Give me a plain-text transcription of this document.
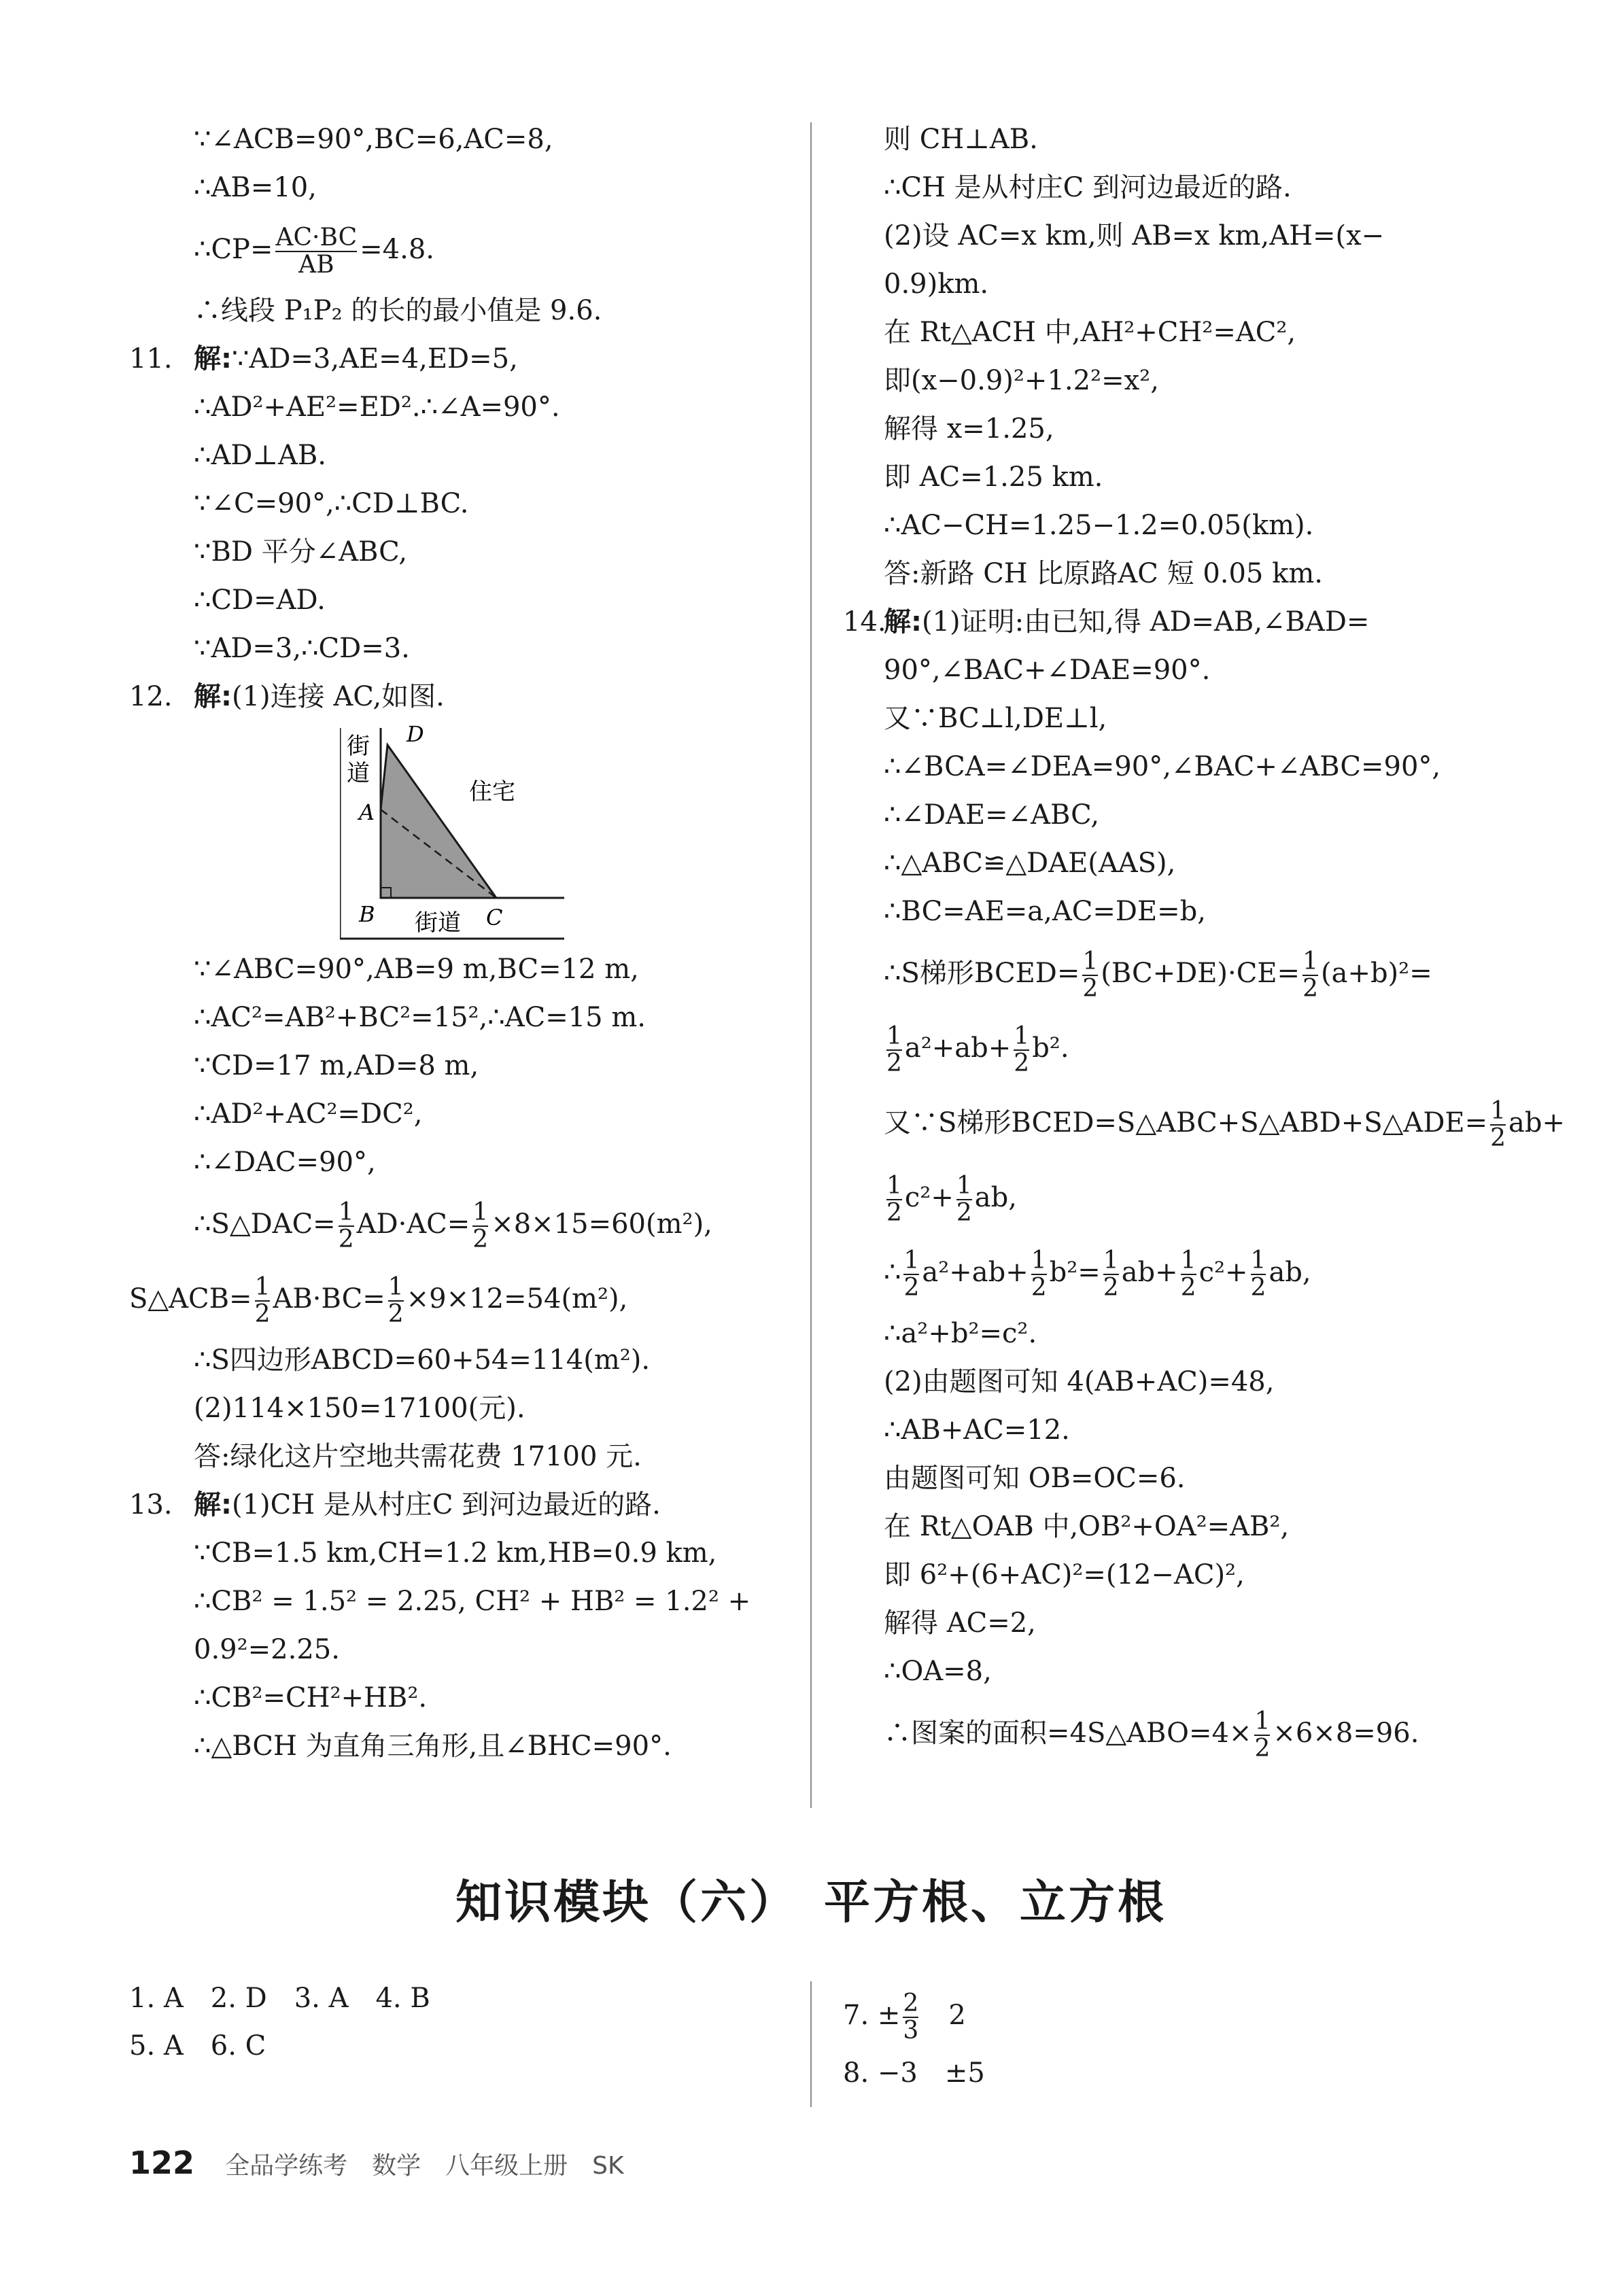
∵∠ACB=90°,BC=6,AC=8,
∴AB=10,
∴CP= $\frac{AC\cdot BC}{AB} =4.8$.
∴线段 P₁P₂ 的长的最小值是 9.6.
11. 解:∵AD=3,AE=4,ED=5,
∴AD²+AE²=ED².∴∠A=90°.
∴AD⊥AB.
∵∠C=90°,∴CD⊥BC.
∵BD 平分∠ABC,
∴CD=AD.
∵AD=3,∴CD=3.
12. 解:(1)连接 AC,如图.
街
道
住宅
街道
A
B	C
D
∵∠ABC=90°,AB=9 m,BC=12 m,
∴AC²=AB²+BC²=15²,∴AC=15 m.
∵CD=17 m,AD=8 m,
∴AD²+AC²=DC²,
∴∠DAC=90°,
∴S△DAC= $\frac{1}{2} AD\cdot AC= \frac{1}{2} \times 8\times 15=60(m^2)$,
S△ACB= $\frac{1}{2} AB\cdot BC= \frac{1}{2} \times 9\times 12=54(m^2)$,
∴S四边形ABCD=60+54=114(m²).
(2)114×150=17100(元).
答:绿化这片空地共需花费 17100 元.
13. 解:(1)CH 是从村庄C 到河边最近的路.
∵CB=1.5 km,CH=1.2 km,HB=0.9 km,
∴CB² = 1.5² = 2.25, CH² + HB² = 1.2² +
0.9²=2.25.
∴CB²=CH²+HB².
∴△BCH 为直角三角形,且∠BHC=90°.
则 CH⊥AB.
∴CH 是从村庄C 到河边最近的路.
(2)设 AC=x km,则 AB=x km,AH=(x−
0.9)km.
在 Rt△ACH 中,AH²+CH²=AC²,
即(x−0.9)²+1.2²=x²,
解得 x=1.25,
即 AC=1.25 km.
∴AC−CH=1.25−1.2=0.05(km).
答:新路 CH 比原路AC 短 0.05 km.
14.解:(1)证明:由已知,得 AD=AB,∠BAD=
90°,∠BAC+∠DAE=90°.
又∵BC⊥l,DE⊥l,
∴∠BCA=∠DEA=90°,∠BAC+∠ABC=90°,
∴∠DAE=∠ABC,
∴△ABC≌△DAE(AAS),
∴BC=AE=a,AC=DE=b,
∴S梯形BCED= $\frac{1}{2} (BC+DE)\cdot CE= \frac{1}{2} (a+b)^2=$
$\frac{1}{2} a^2+ab+ \frac{1}{2} b^2$.
又∵S梯形BCED=S△ABC+S△ABD+S△ADE= $\frac{1}{2} ab+$
$\frac{1}{2} c^2+ \frac{1}{2}$ ab,
∴ $\frac{1}{2} a^2+ab+ \frac{1}{2} b^2= \frac{1}{2} ab+ \frac{1}{2} c^2+ \frac{1}{2}$ ab,
∴a²+b²=c².
(2)由题图可知 4(AB+AC)=48,
∴AB+AC=12.
由题图可知 OB=OC=6.
在 Rt△OAB 中,OB²+OA²=AB²,
即 6²+(6+AC)²=(12−AC)²,
解得 AC=2,
∴OA=8,
∴图案的面积=4S△ABO=4× $\frac{1}{2} \times 6\times 8=96$.
知识模块（六）　平方根、立方根
1. A　2. D　3. A　4. B
5. A　6. C
7. ± $\frac{2}{3} 2$
8. −3　±5
122 全品学练考　数学　八年级上册　SK
